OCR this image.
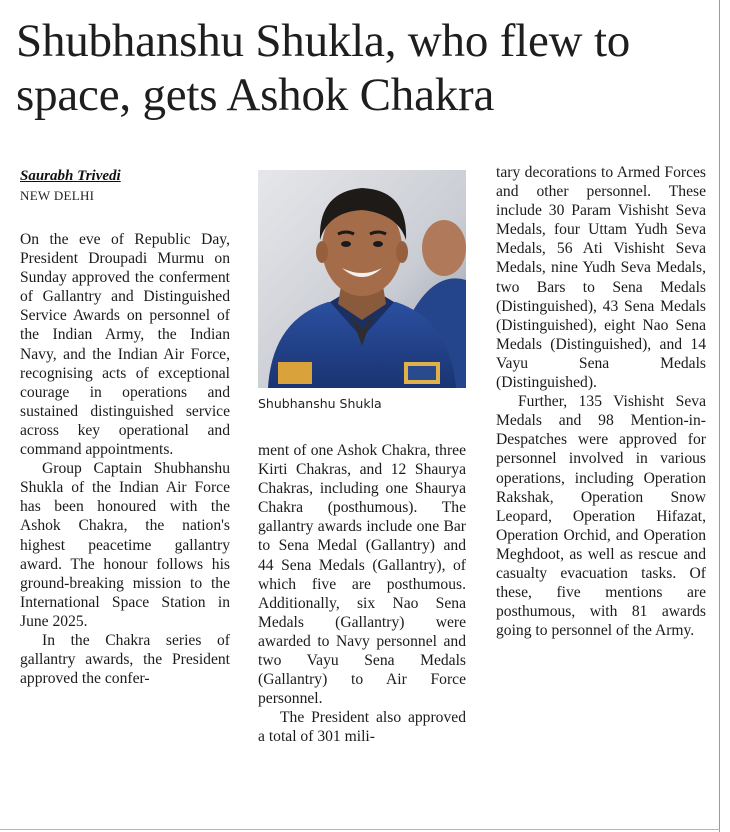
Shubhanshu Shukla, who flew to space, gets Ashok Chakra
Saurabh Trivedi
NEW DELHI
Shubhanshu Shukla

On the eve of Republic Day, President Droupadi Murmu on Sunday approved the conferment of Gallantry and Distinguished Service Awards on personnel of the Indian Army, the Indian Navy, and the Indian Air Force, recognising acts of exceptional courage in operations and sustained distinguished service across key operational and command appointments.

Group Captain Shubhanshu Shukla of the Indian Air Force has been honoured with the Ashok Chakra, the nation's highest peacetime gallantry award. The honour follows his ground-breaking mission to the International Space Station in June 2025.

In the Chakra series of gallantry awards, the President approved the confer-

ment of one Ashok Chakra, three Kirti Chakras, and 12 Shaurya Chakras, including one Shaurya Chakra (posthumous). The gallantry awards include one Bar to Sena Medal (Gallantry) and 44 Sena Medals (Gallantry), of which five are posthumous. Additionally, six Nao Sena Medals (Gallantry) were awarded to Navy personnel and two Vayu Sena Medals (Gallantry) to Air Force personnel.

The President also approved a total of 301 mili-

tary decorations to Armed Forces and other personnel. These include 30 Param Vishisht Seva Medals, four Uttam Yudh Seva Medals, 56 Ati Vishisht Seva Medals, nine Yudh Seva Medals, two Bars to Sena Medals (Distinguished), 43 Sena Medals (Distinguished), eight Nao Sena Medals (Distinguished), and 14 Vayu Sena Medals (Distinguished).

Further, 135 Vishisht Seva Medals and 98 Mention-in-Despatches were approved for personnel involved in various operations, including Operation Rakshak, Operation Snow Leopard, Operation Hifazat, Operation Orchid, and Operation Meghdoot, as well as rescue and casualty evacuation tasks. Of these, five mentions are posthumous, with 81 awards going to personnel of the Army.
